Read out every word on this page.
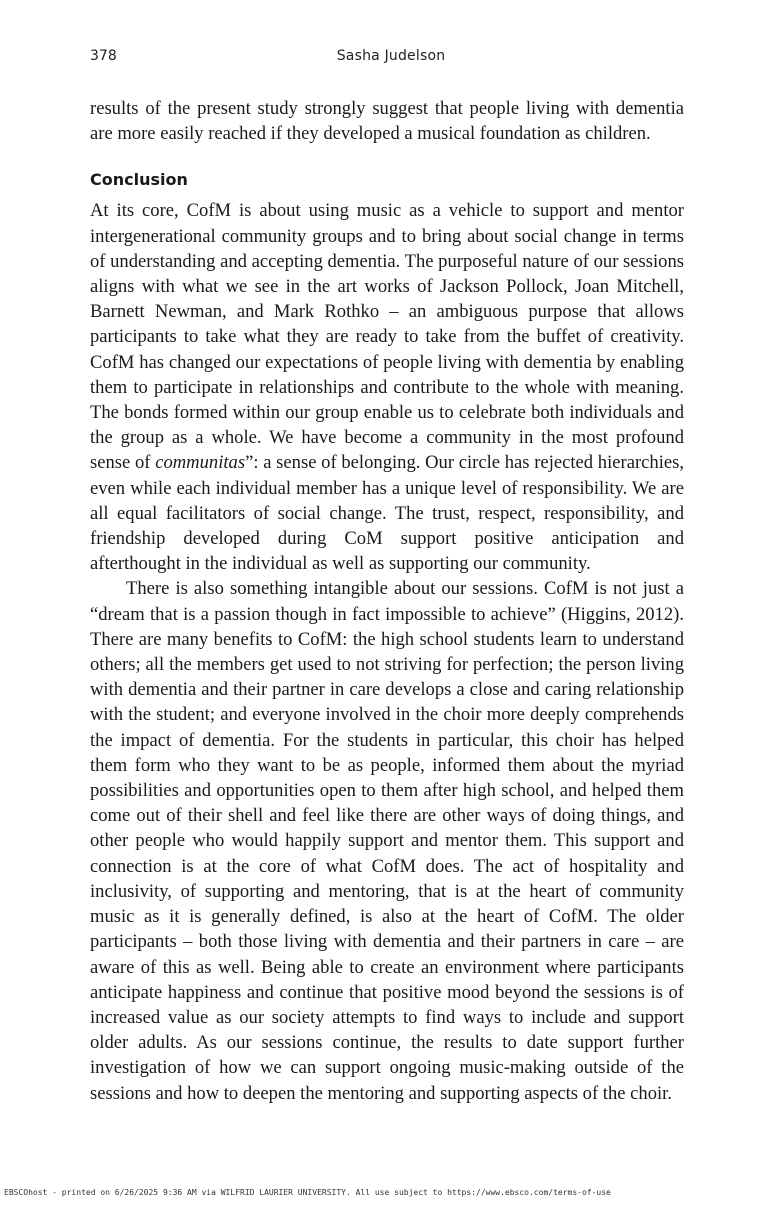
378	Sasha Judelson

results of the present study strongly suggest that people living with dementia are more easily reached if they developed a musical foundation as children.

Conclusion

At its core, CofM is about using music as a vehicle to support and mentor intergenerational community groups and to bring about social change in terms of understanding and accepting dementia. The purposeful nature of our sessions aligns with what we see in the art works of Jackson Pollock, Joan Mitchell, Barnett Newman, and Mark Rothko – an ambiguous purpose that allows participants to take what they are ready to take from the buffet of creativity. CofM has changed our expectations of people living with dementia by enabling them to participate in relationships and contribute to the whole with meaning. The bonds formed within our group enable us to celebrate both individuals and the group as a whole. We have become a community in the most profound sense of communitas”: a sense of belonging. Our circle has rejected hierarchies, even while each individual member has a unique level of responsibility. We are all equal facilitators of social change. The trust, respect, responsibility, and friendship developed during CoM support positive anticipation and afterthought in the individual as well as supporting our community.

There is also something intangible about our sessions. CofM is not just a “dream that is a passion though in fact impossible to achieve” (Higgins, 2012). There are many benefits to CofM: the high school students learn to understand others; all the members get used to not striving for perfection; the person living with dementia and their partner in care develops a close and caring relationship with the student; and everyone involved in the choir more deeply comprehends the impact of dementia. For the students in particular, this choir has helped them form who they want to be as people, informed them about the myriad possibilities and opportunities open to them after high school, and helped them come out of their shell and feel like there are other ways of doing things, and other people who would happily support and mentor them. This support and connection is at the core of what CofM does. The act of hospitality and inclusivity, of supporting and mentoring, that is at the heart of community music as it is generally defined, is also at the heart of CofM. The older participants – both those living with dementia and their partners in care – are aware of this as well. Being able to create an environment where participants anticipate happiness and continue that positive mood beyond the sessions is of increased value as our society attempts to find ways to include and support older adults. As our sessions continue, the results to date support further investigation of how we can support ongoing music-making outside of the sessions and how to deepen the mentoring and supporting aspects of the choir.

EBSCOhost - printed on 6/26/2025 9:36 AM via WILFRID LAURIER UNIVERSITY. All use subject to https://www.ebsco.com/terms-of-use
